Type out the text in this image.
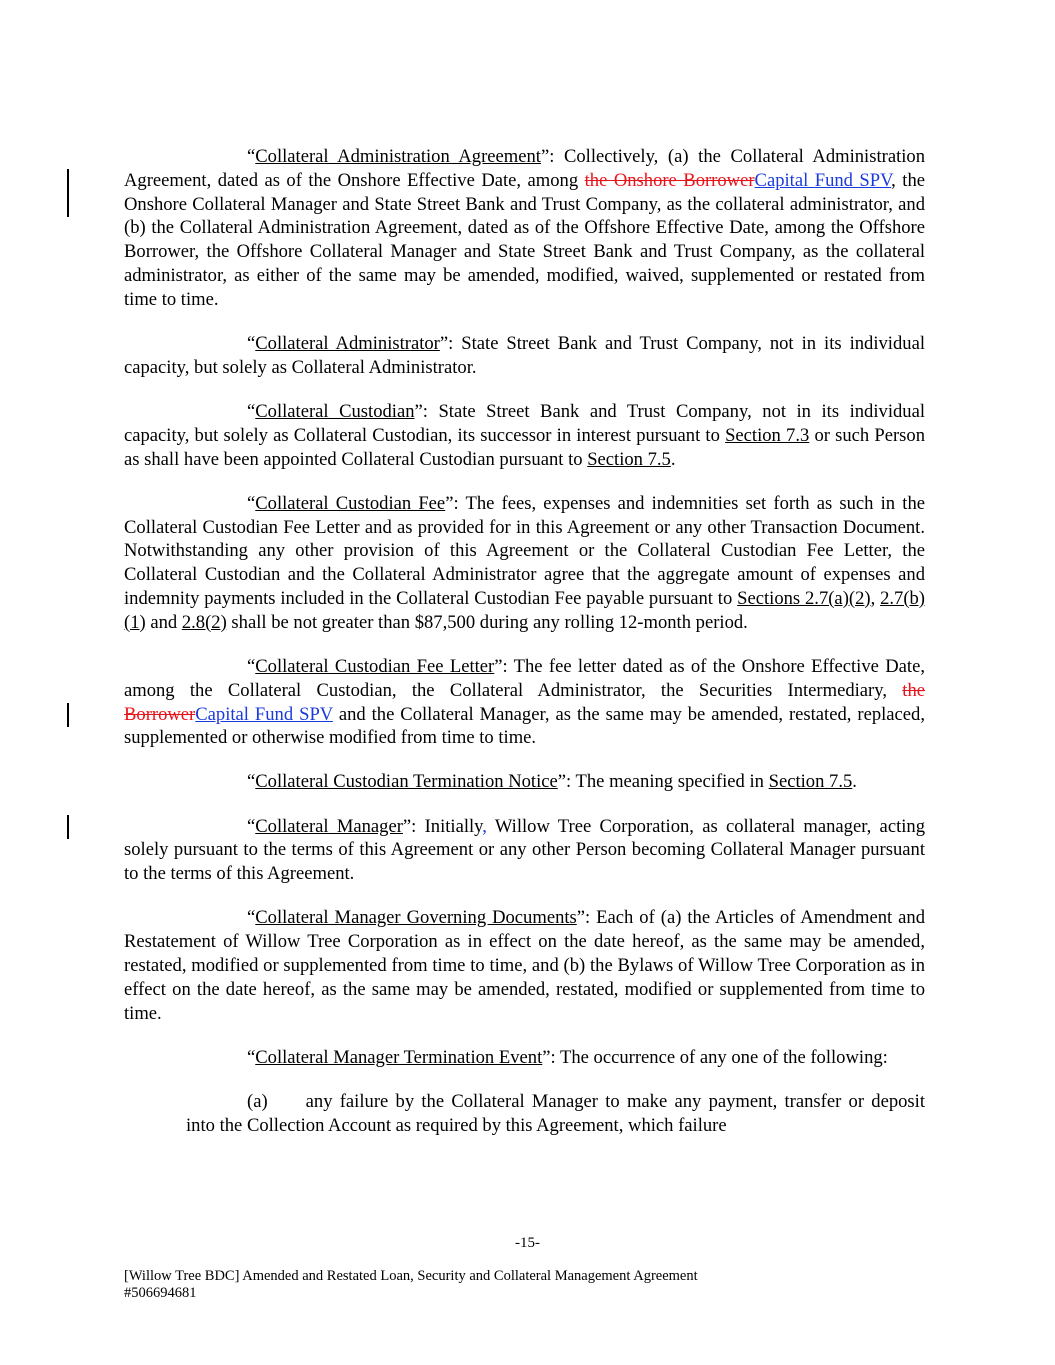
“Collateral Administration Agreement”: Collectively, (a) the Collateral Administration Agreement, dated as of the Onshore Effective Date, among the Onshore BorrowerCapital Fund SPV, the Onshore Collateral Manager and State Street Bank and Trust Company, as the collateral administrator, and (b) the Collateral Administration Agreement, dated as of the Offshore Effective Date, among the Offshore Borrower, the Offshore Collateral Manager and State Street Bank and Trust Company, as the collateral administrator, as either of the same may be amended, modified, waived, supplemented or restated from time to time.

“Collateral Administrator”: State Street Bank and Trust Company, not in its individual capacity, but solely as Collateral Administrator.

“Collateral Custodian”: State Street Bank and Trust Company, not in its individual capacity, but solely as Collateral Custodian, its successor in interest pursuant to Section 7.3 or such Person as shall have been appointed Collateral Custodian pursuant to Section 7.5.

“Collateral Custodian Fee”: The fees, expenses and indemnities set forth as such in the Collateral Custodian Fee Letter and as provided for in this Agreement or any other Transaction Document. Notwithstanding any other provision of this Agreement or the Collateral Custodian Fee Letter, the Collateral Custodian and the Collateral Administrator agree that the aggregate amount of expenses and indemnity payments included in the Collateral Custodian Fee payable pursuant to Sections 2.7(a)(2), 2.7(b)(1) and 2.8(2) shall be not greater than $87,500 during any rolling 12-month period.

“Collateral Custodian Fee Letter”: The fee letter dated as of the Onshore Effective Date, among the Collateral Custodian, the Collateral Administrator, the Securities Intermediary, the BorrowerCapital Fund SPV and the Collateral Manager, as the same may be amended, restated, replaced, supplemented or otherwise modified from time to time.

“Collateral Custodian Termination Notice”: The meaning specified in Section 7.5.

“Collateral Manager”: Initially, Willow Tree Corporation, as collateral manager, acting solely pursuant to the terms of this Agreement or any other Person becoming Collateral Manager pursuant to the terms of this Agreement.

“Collateral Manager Governing Documents”: Each of (a) the Articles of Amendment and Restatement of Willow Tree Corporation as in effect on the date hereof, as the same may be amended, restated, modified or supplemented from time to time, and (b) the Bylaws of Willow Tree Corporation as in effect on the date hereof, as the same may be amended, restated, modified or supplemented from time to time.

“Collateral Manager Termination Event”: The occurrence of any one of the following:

(a) any failure by the Collateral Manager to make any payment, transfer or deposit into the Collection Account as required by this Agreement, which failure

-15-
[Willow Tree BDC] Amended and Restated Loan, Security and Collateral Management Agreement
#506694681
